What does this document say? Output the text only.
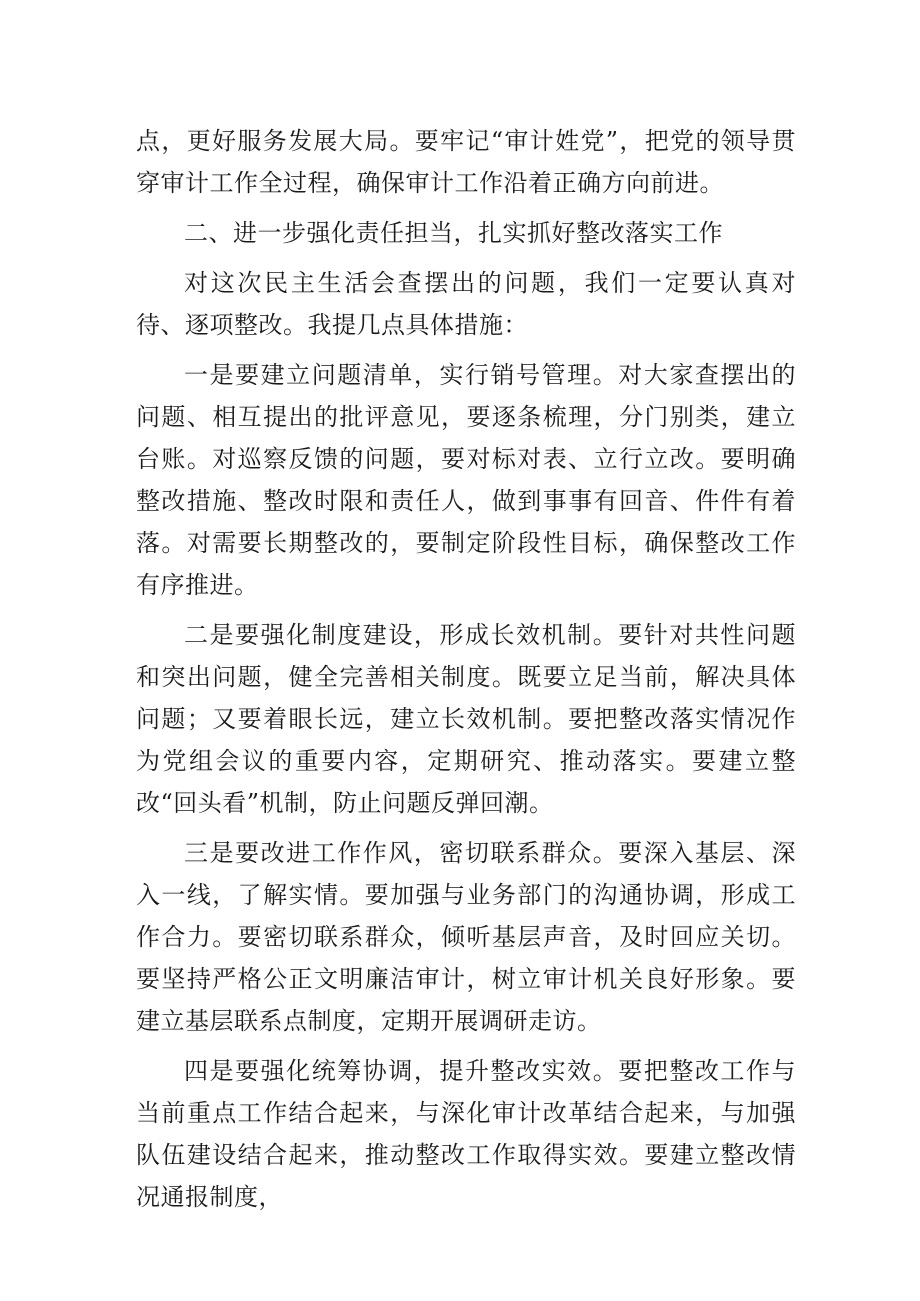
点，更好服务发展大局。要牢记“审计姓党”，把党的领导贯穿审计工作全过程，确保审计工作沿着正确方向前进。

二、进一步强化责任担当，扎实抓好整改落实工作

对这次民主生活会查摆出的问题，我们一定要认真对待、逐项整改。我提几点具体措施：

一是要建立问题清单，实行销号管理。对大家查摆出的问题、相互提出的批评意见，要逐条梳理，分门别类，建立台账。对巡察反馈的问题，要对标对表、立行立改。要明确整改措施、整改时限和责任人，做到事事有回音、件件有着落。对需要长期整改的，要制定阶段性目标，确保整改工作有序推进。

二是要强化制度建设，形成长效机制。要针对共性问题和突出问题，健全完善相关制度。既要立足当前，解决具体问题；又要着眼长远，建立长效机制。要把整改落实情况作为党组会议的重要内容，定期研究、推动落实。要建立整改“回头看”机制，防止问题反弹回潮。

三是要改进工作作风，密切联系群众。要深入基层、深入一线，了解实情。要加强与业务部门的沟通协调，形成工作合力。要密切联系群众，倾听基层声音，及时回应关切。要坚持严格公正文明廉洁审计，树立审计机关良好形象。要建立基层联系点制度，定期开展调研走访。

四是要强化统筹协调，提升整改实效。要把整改工作与当前重点工作结合起来，与深化审计改革结合起来，与加强队伍建设结合起来，推动整改工作取得实效。要建立整改情况通报制度，
